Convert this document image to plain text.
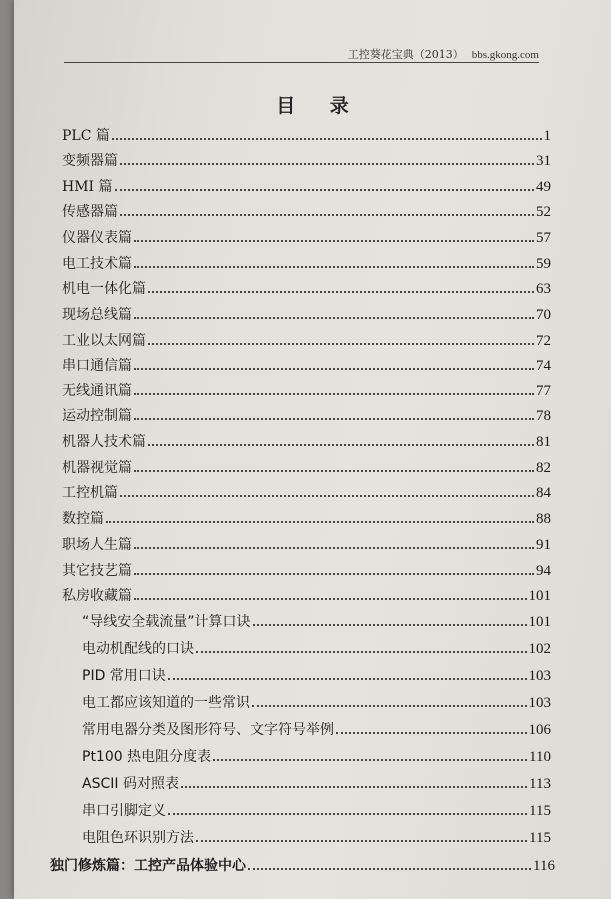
工控葵花宝典（2013） bbs.gkong.com
目 录
PLC 篇	1
变频器篇	31
HMI 篇	49
传感器篇	52
仪器仪表篇	57
电工技术篇	59
机电一体化篇	63
现场总线篇	70
工业以太网篇	72
串口通信篇	74
无线通讯篇	77
运动控制篇	78
机器人技术篇	81
机器视觉篇	82
工控机篇	84
数控篇	88
职场人生篇	91
其它技艺篇	94
私房收藏篇	101
“导线安全载流量”计算口诀	101
电动机配线的口诀	102
PID 常用口诀	103
电工都应该知道的一些常识	103
常用电器分类及图形符号、文字符号举例	106
Pt100 热电阻分度表	110
ASCII 码对照表	113
串口引脚定义	115
电阻色环识别方法	115
独门修炼篇：工控产品体验中心	116
